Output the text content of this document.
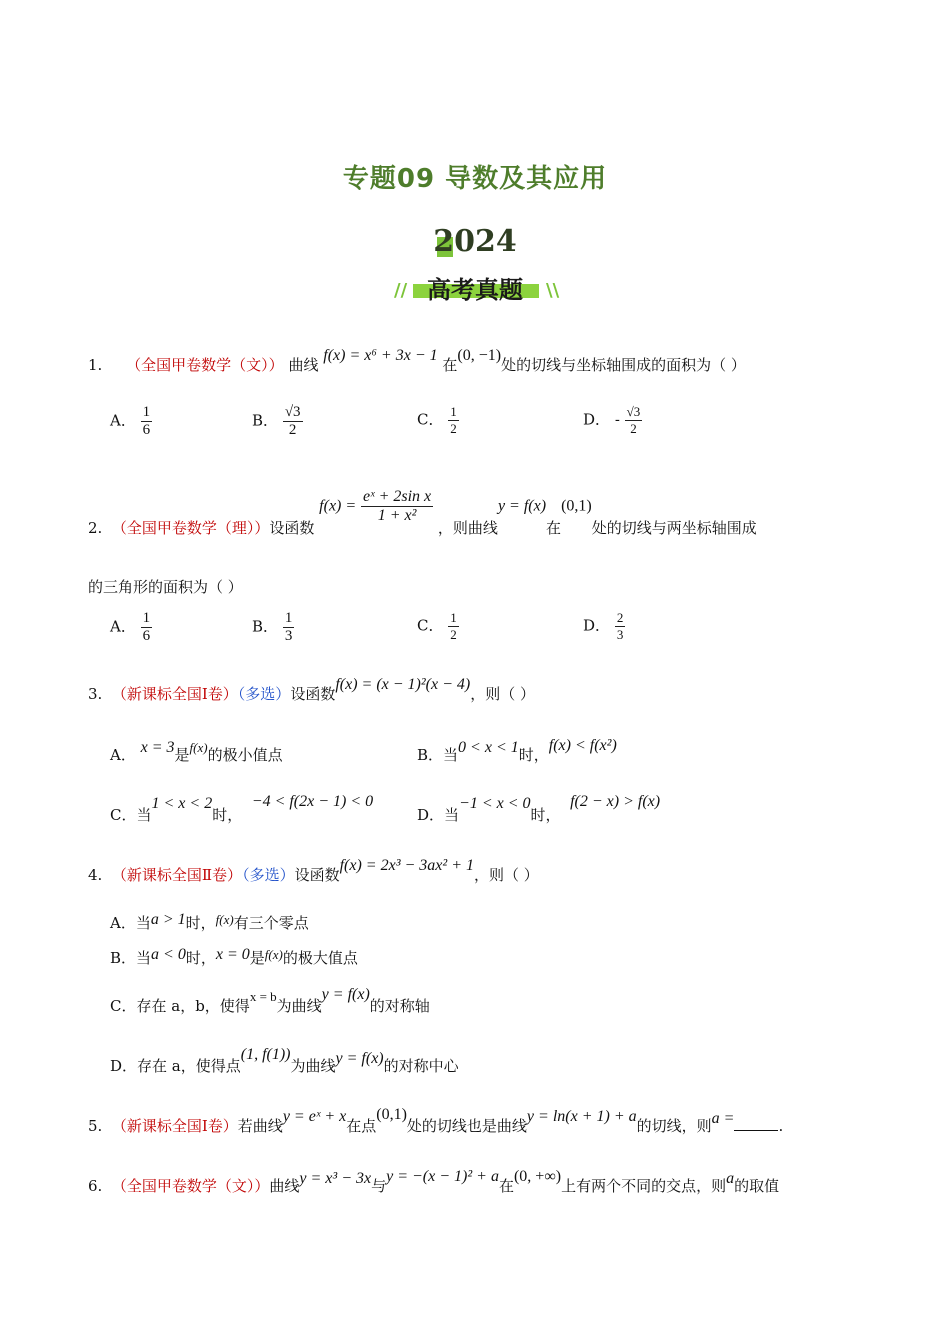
专题09 导数及其应用
2024
// 高考真题	\\
1. （全国甲卷数学（文）） 曲线 f(x) = x⁶ + 3x − 1 在(0, −1)处的切线与坐标轴围成的面积为（ ）
A． $\frac{1}{6}$	B． $\frac{√3}{2}$	C． $\frac{1}{2}$	D． - $\frac{√3}{2}$
2. （全国甲卷数学（理））设函数 $f(x) = \frac{\text{eˣ + 2sin x}}{\text{1 + x²}}$
，则曲线y = f(x)在(0,1)处的切线与两坐标轴围成
的三角形的面积为（ ）
A． $\frac{1}{6}$	B． $\frac{1}{3}$	C． $\frac{1}{2}$	D． $\frac{2}{3}$
3. （新课标全国Ⅰ卷）（多选）设函数f(x) = (x − 1)²(x − 4)，则（ ）
A． x = 3是f(x)的极小值点	B．当0 < x < 1时，f(x) < f(x²)
C．当1 < x < 2时，  −4 < f(2x − 1) < 0
D．当−1 < x < 0时，  f(2 − x) > f(x)
4. （新课标全国Ⅱ卷）（多选）设函数f(x) = 2x³ − 3ax² + 1，则（ ）
A．当a > 1时，f(x)有三个零点
B．当a < 0时，x = 0是f(x)的极大值点
C．存在 a，b，使得x = b为曲线y = f(x)的对称轴
D．存在 a，使得点(1, f(1))为曲线y = f(x)的对称中心
5. （新课标全国Ⅰ卷）若曲线y = eˣ + x在点(0,1)处的切线也是曲线y = ln(x + 1) + a的切线，则a =	.
6. （全国甲卷数学（文））曲线y = x³ − 3x与y = −(x − 1)² + a在(0, +∞)上有两个不同的交点，则a的取值
